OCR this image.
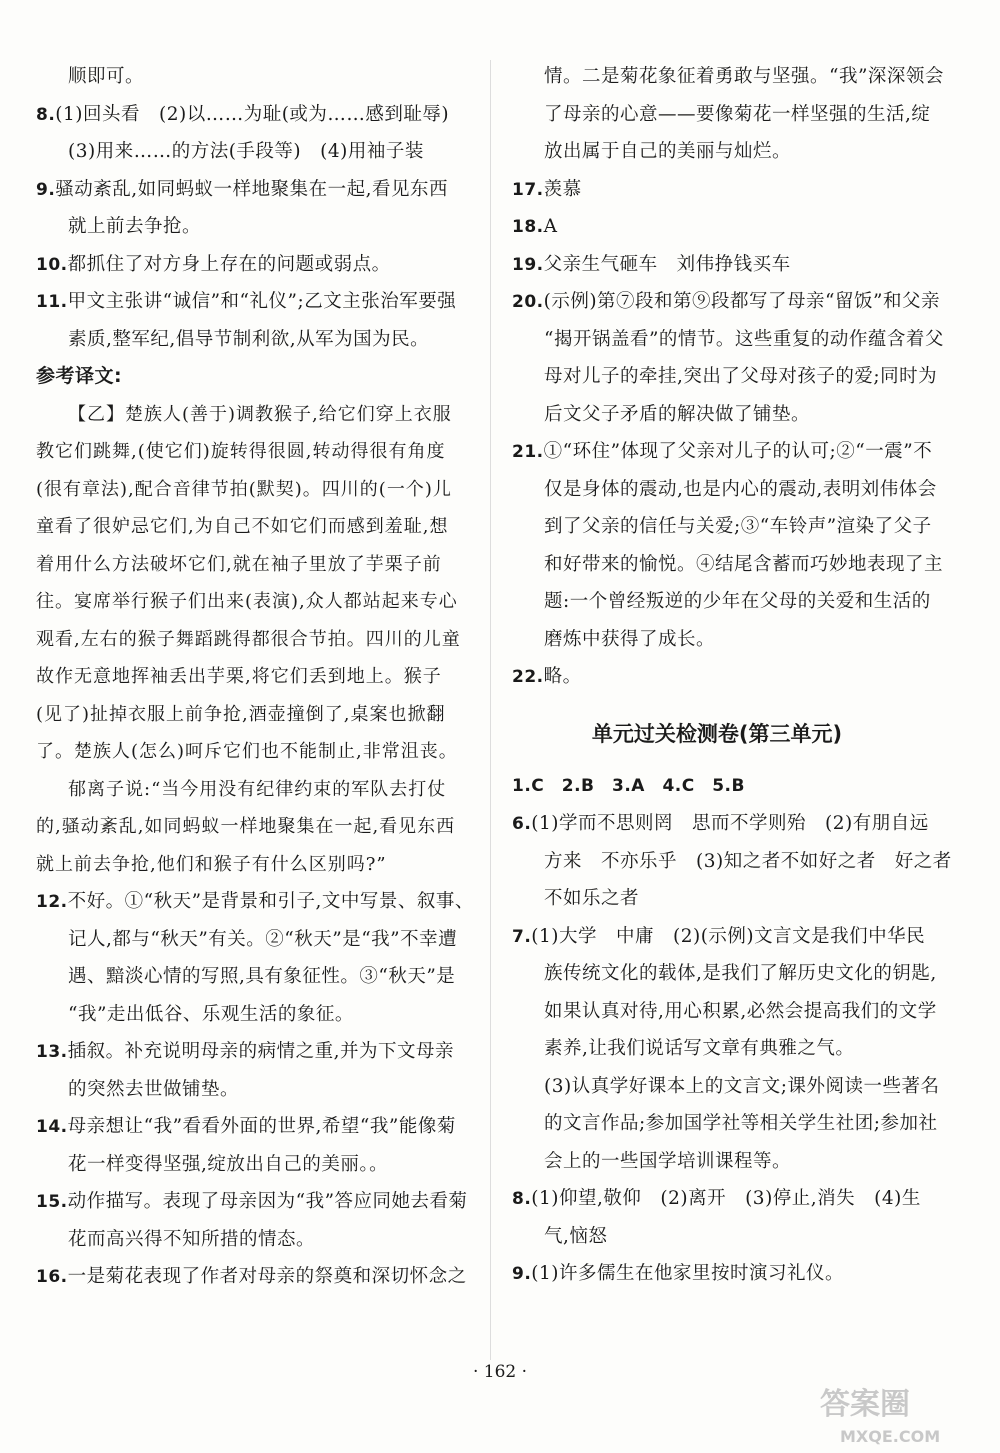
顺即可。
8.(1)回头看　(2)以……为耻(或为……感到耻辱)
(3)用来……的方法(手段等)　(4)用袖子装
9.骚动紊乱,如同蚂蚁一样地聚集在一起,看见东西
就上前去争抢。
10.都抓住了对方身上存在的问题或弱点。
11.甲文主张讲“诚信”和“礼仪”;乙文主张治军要强
素质,整军纪,倡导节制利欲,从军为国为民。
参考译文:
【乙】楚族人(善于)调教猴子,给它们穿上衣服
教它们跳舞,(使它们)旋转得很圆,转动得很有角度
(很有章法),配合音律节拍(默契)。四川的(一个)儿
童看了很妒忌它们,为自己不如它们而感到羞耻,想
着用什么方法破坏它们,就在袖子里放了芋栗子前
往。宴席举行猴子们出来(表演),众人都站起来专心
观看,左右的猴子舞蹈跳得都很合节拍。四川的儿童
故作无意地挥袖丢出芋栗,将它们丢到地上。猴子
(见了)扯掉衣服上前争抢,酒壶撞倒了,桌案也掀翻
了。楚族人(怎么)呵斥它们也不能制止,非常沮丧。
郁离子说:“当今用没有纪律约束的军队去打仗
的,骚动紊乱,如同蚂蚁一样地聚集在一起,看见东西
就上前去争抢,他们和猴子有什么区别吗?”
12.不好。①“秋天”是背景和引子,文中写景、叙事、
记人,都与“秋天”有关。②“秋天”是“我”不幸遭
遇、黯淡心情的写照,具有象征性。③“秋天”是
“我”走出低谷、乐观生活的象征。
13.插叙。补充说明母亲的病情之重,并为下文母亲
的突然去世做铺垫。
14.母亲想让“我”看看外面的世界,希望“我”能像菊
花一样变得坚强,绽放出自己的美丽。。
15.动作描写。表现了母亲因为“我”答应同她去看菊
花而高兴得不知所措的情态。
16.一是菊花表现了作者对母亲的祭奠和深切怀念之
情。二是菊花象征着勇敢与坚强。“我”深深领会
了母亲的心意——要像菊花一样坚强的生活,绽
放出属于自己的美丽与灿烂。
17.羡慕
18.A
19.父亲生气砸车　刘伟挣钱买车
20.(示例)第⑦段和第⑨段都写了母亲“留饭”和父亲
“揭开锅盖看”的情节。这些重复的动作蕴含着父
母对儿子的牵挂,突出了父母对孩子的爱;同时为
后文父子矛盾的解决做了铺垫。
21.①“环住”体现了父亲对儿子的认可;②“一震”不
仅是身体的震动,也是内心的震动,表明刘伟体会
到了父亲的信任与关爱;③“车铃声”渲染了父子
和好带来的愉悦。④结尾含蓄而巧妙地表现了主
题:一个曾经叛逆的少年在父母的关爱和生活的
磨炼中获得了成长。
22.略。
单元过关检测卷(第三单元)
1.C　2.B　3.A　4.C　5.B
6.(1)学而不思则罔　思而不学则殆　(2)有朋自远
方来　不亦乐乎　(3)知之者不如好之者　好之者
不如乐之者
7.(1)大学　中庸　(2)(示例)文言文是我们中华民
族传统文化的载体,是我们了解历史文化的钥匙,
如果认真对待,用心积累,必然会提高我们的文学
素养,让我们说话写文章有典雅之气。
(3)认真学好课本上的文言文;课外阅读一些著名
的文言作品;参加国学社等相关学生社团;参加社
会上的一些国学培训课程等。
8.(1)仰望,敬仰　(2)离开　(3)停止,消失　(4)生
气,恼怒
9.(1)许多儒生在他家里按时演习礼仪。
· 162 ·
答案圈
MXQE.COM
